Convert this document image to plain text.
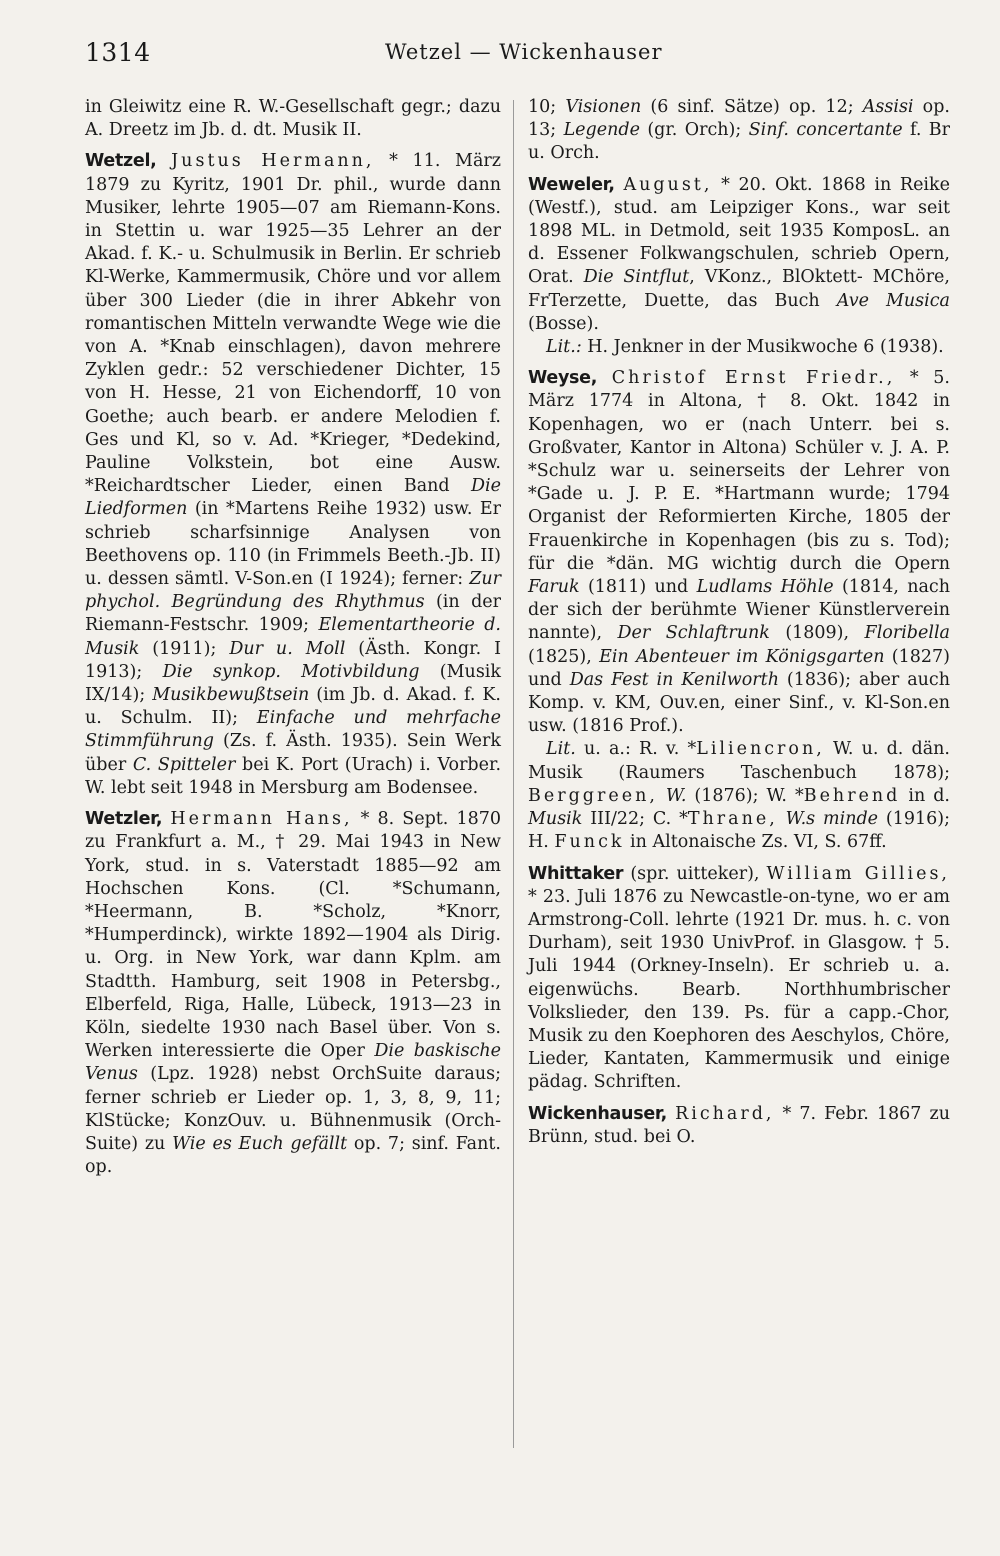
1314	Wetzel — Wickenhauser

in Gleiwitz eine R. W.-Gesellschaft gegr.; dazu A. Dreetz im Jb. d. dt. Musik II.

Wetzel, Justus Hermann, * 11. März 1879 zu Kyritz, 1901 Dr. phil., wurde dann Musiker, lehrte 1905—07 am Riemann-Kons. in Stettin u. war 1925—35 Lehrer an der Akad. f. K.- u. Schulmusik in Berlin. Er schrieb Kl-Werke, Kammermusik, Chöre und vor allem über 300 Lieder (die in ihrer Abkehr von romantischen Mitteln verwandte Wege wie die von A. *Knab einschlagen), davon mehrere Zyklen gedr.: 52 verschiedener Dichter, 15 von H. Hesse, 21 von Eichendorff, 10 von Goethe; auch bearb. er andere Melodien f. Ges und Kl, so v. Ad. *Krieger, *Dedekind, Pauline Volkstein, bot eine Ausw. *Reichardtscher Lieder, einen Band Die Liedformen (in *Martens Reihe 1932) usw. Er schrieb scharfsinnige Analysen von Beethovens op. 110 (in Frimmels Beeth.-Jb. II) u. dessen sämtl. V-Son.en (I 1924); ferner: Zur phychol. Begründung des Rhythmus (in der Riemann-Festschr. 1909; Elementartheorie d. Musik (1911); Dur u. Moll (Ästh. Kongr. I 1913); Die synkop. Motivbildung (Musik IX/14); Musikbewußtsein (im Jb. d. Akad. f. K. u. Schulm. II); Einfache und mehrfache Stimmführung (Zs. f. Ästh. 1935). Sein Werk über C. Spitteler bei K. Port (Urach) i. Vorber. W. lebt seit 1948 in Mersburg am Bodensee.

Wetzler, Hermann Hans, * 8. Sept. 1870 zu Frankfurt a. M., † 29. Mai 1943 in New York, stud. in s. Vaterstadt 1885—92 am Hochschen Kons. (Cl. *Schumann, *Heermann, B. *Scholz, *Knorr, *Humperdinck), wirkte 1892—1904 als Dirig. u. Org. in New York, war dann Kplm. am Stadtth. Hamburg, seit 1908 in Petersbg., Elberfeld, Riga, Halle, Lübeck, 1913—23 in Köln, siedelte 1930 nach Basel über. Von s. Werken interessierte die Oper Die baskische Venus (Lpz. 1928) nebst OrchSuite daraus; ferner schrieb er Lieder op. 1, 3, 8, 9, 11; KlStücke; KonzOuv. u. Bühnenmusik (Orch-Suite) zu Wie es Euch gefällt op. 7; sinf. Fant. op.

10; Visionen (6 sinf. Sätze) op. 12; Assisi op. 13; Legende (gr. Orch); Sinf. concertante f. Br u. Orch.

Weweler, August, * 20. Okt. 1868 in Reike (Westf.), stud. am Leipziger Kons., war seit 1898 ML. in Detmold, seit 1935 KomposL. an d. Essener Folkwangschulen, schrieb Opern, Orat. Die Sintflut, VKonz., BlOktett- MChöre, FrTerzette, Duette, das Buch Ave Musica (Bosse).

Lit.: H. Jenkner in der Musikwoche 6 (1938).

Weyse, Christof Ernst Friedr., * 5. März 1774 in Altona, † 8. Okt. 1842 in Kopenhagen, wo er (nach Unterr. bei s. Großvater, Kantor in Altona) Schüler v. J. A. P. *Schulz war u. seinerseits der Lehrer von *Gade u. J. P. E. *Hartmann wurde; 1794 Organist der Reformierten Kirche, 1805 der Frauenkirche in Kopenhagen (bis zu s. Tod); für die *dän. MG wichtig durch die Opern Faruk (1811) und Ludlams Höhle (1814, nach der sich der berühmte Wiener Künstlerverein nannte), Der Schlaftrunk (1809), Floribella (1825), Ein Abenteuer im Königsgarten (1827) und Das Fest in Kenilworth (1836); aber auch Komp. v. KM, Ouv.en, einer Sinf., v. Kl-Son.en usw. (1816 Prof.).

Lit. u. a.: R. v. *Liliencron, W. u. d. dän. Musik (Raumers Taschenbuch 1878); Berggreen, W. (1876); W. *Behrend in d. Musik III/22; C. *Thrane, W.s minde (1916); H. Funck in Altonaische Zs. VI, S. 67ff.

Whittaker (spr. uitteker), William Gillies, * 23. Juli 1876 zu Newcastle-on-tyne, wo er am Armstrong-Coll. lehrte (1921 Dr. mus. h. c. von Durham), seit 1930 UnivProf. in Glasgow. † 5. Juli 1944 (Orkney-Inseln). Er schrieb u. a. eigenwüchs. Bearb. Northhumbrischer Volkslieder, den 139. Ps. für a capp.-Chor, Musik zu den Koephoren des Aeschylos, Chöre, Lieder, Kantaten, Kammermusik und einige pädag. Schriften.

Wickenhauser, Richard, * 7. Febr. 1867 zu Brünn, stud. bei O.
